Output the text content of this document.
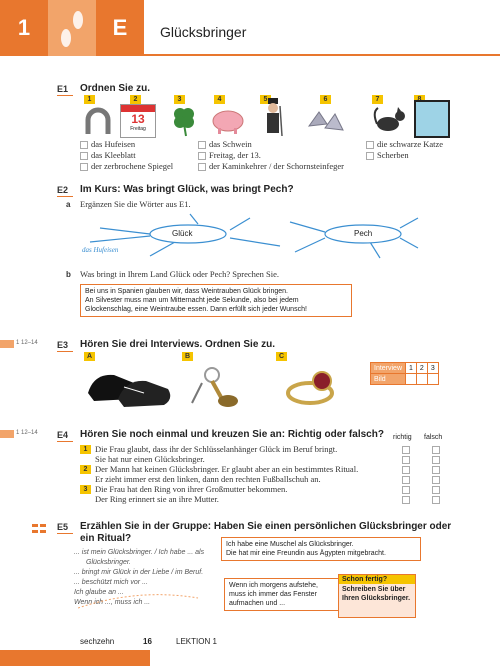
1	E	Glücksbringer
E1 Ordnen Sie zu.
1	2	3	4	5	6	7
13
Freitag
das Hufeisen
das Kleeblatt
der zerbrochene Spiegel
das Schwein
Freitag, der 13.
der Kaminkehrer / der Schornsteinfeger
die schwarze Katze
Scherben
E2 Im Kurs: Was bringt Glück, was bringt Pech?
a Ergänzen Sie die Wörter aus E1.
Glück	Pech
das Hufeisen
b Was bringt in Ihrem Land Glück oder Pech? Sprechen Sie.
Bei uns in Spanien glauben wir, dass Weintrauben Glück bringen.
An Silvester muss man um Mitternacht jede Sekunde, also bei jedem
Glockenschlag, eine Weintraube essen. Dann erfüllt sich jeder Wunsch!
1 12–14 E3 Hören Sie drei Interviews. Ordnen Sie zu.
A	B	C
Interview	1	2	3
Bild			
1 12–14 E4 Hören Sie noch einmal und kreuzen Sie an: Richtig oder falsch? richtig falsch
1 Die Frau glaubt, dass ihr der Schlüsselanhänger Glück im Beruf bringt.
Sie hat nur einen Glücksbringer.
2 Der Mann hat keinen Glücksbringer. Er glaubt aber an ein bestimmtes Ritual.
Er zieht immer erst den linken, dann den rechten Fußballschuh an.
3 Die Frau hat den Ring von ihrer Großmutter bekommen.
Der Ring erinnert sie an ihre Mutter.
E5 Erzählen Sie in der Gruppe: Haben Sie einen persönlichen Glücksbringer oder
ein Ritual?
... ist mein Glücksbringer. / Ich habe ... als
Glücksbringer.
... bringt mir Glück in der Liebe / im Beruf.
... beschützt mich vor ...
Ich glaube an ...
Wenn ich ..., muss ich ...
Ich habe eine Muschel als Glücksbringer.
Die hat mir eine Freundin aus Ägypten mitgebracht.
Wenn ich morgens aufstehe,
muss ich immer das Fenster
aufmachen und ...
Schon fertig?
Schreiben Sie über
Ihren Glücksbringer.
sechzehn	16	LEKTION 1
